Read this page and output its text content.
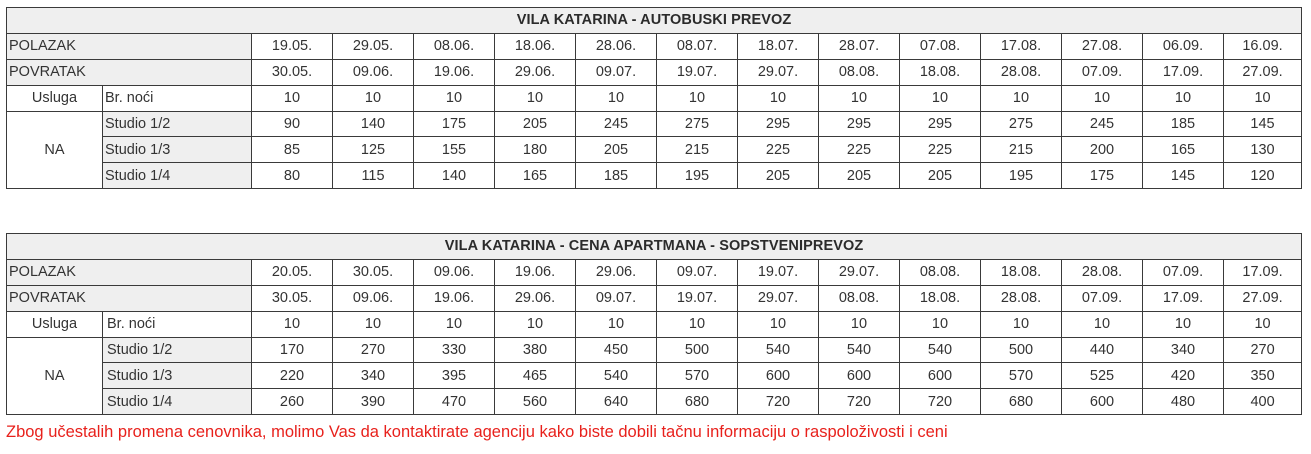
VILA KATARINA - AUTOBUSKI PREVOZ														
POLAZAK		19.05.	29.05.	08.06.	18.06.	28.06.	08.07.	18.07.	28.07.	07.08.	17.08.	27.08.	06.09.	16.09.
POVRATAK		30.05.	09.06.	19.06.	29.06.	09.07.	19.07.	29.07.	08.08.	18.08.	28.08.	07.09.	17.09.	27.09.
Usluga	Br. noći	10	10	10	10	10	10	10	10	10	10	10	10	10
NA	Studio 1/2	90	140	175	205	245	275	295	295	295	275	245	185	145
	Studio 1/3	85	125	155	180	205	215	225	225	225	215	200	165	130
	Studio 1/4	80	115	140	165	185	195	205	205	205	195	175	145	120
VILA KATARINA - CENA APARTMANA - SOPSTVENIPREVOZ														
POLAZAK		20.05.	30.05.	09.06.	19.06.	29.06.	09.07.	19.07.	29.07.	08.08.	18.08.	28.08.	07.09.	17.09.
POVRATAK		30.05.	09.06.	19.06.	29.06.	09.07.	19.07.	29.07.	08.08.	18.08.	28.08.	07.09.	17.09.	27.09.
Usluga	Br. noći	10	10	10	10	10	10	10	10	10	10	10	10	10
NA	Studio 1/2	170	270	330	380	450	500	540	540	540	500	440	340	270
	Studio 1/3	220	340	395	465	540	570	600	600	600	570	525	420	350
	Studio 1/4	260	390	470	560	640	680	720	720	720	680	600	480	400
Zbog učestalih promena cenovnika, molimo Vas da kontaktirate agenciju kako biste dobili tačnu informaciju o raspoloživosti i ceni
